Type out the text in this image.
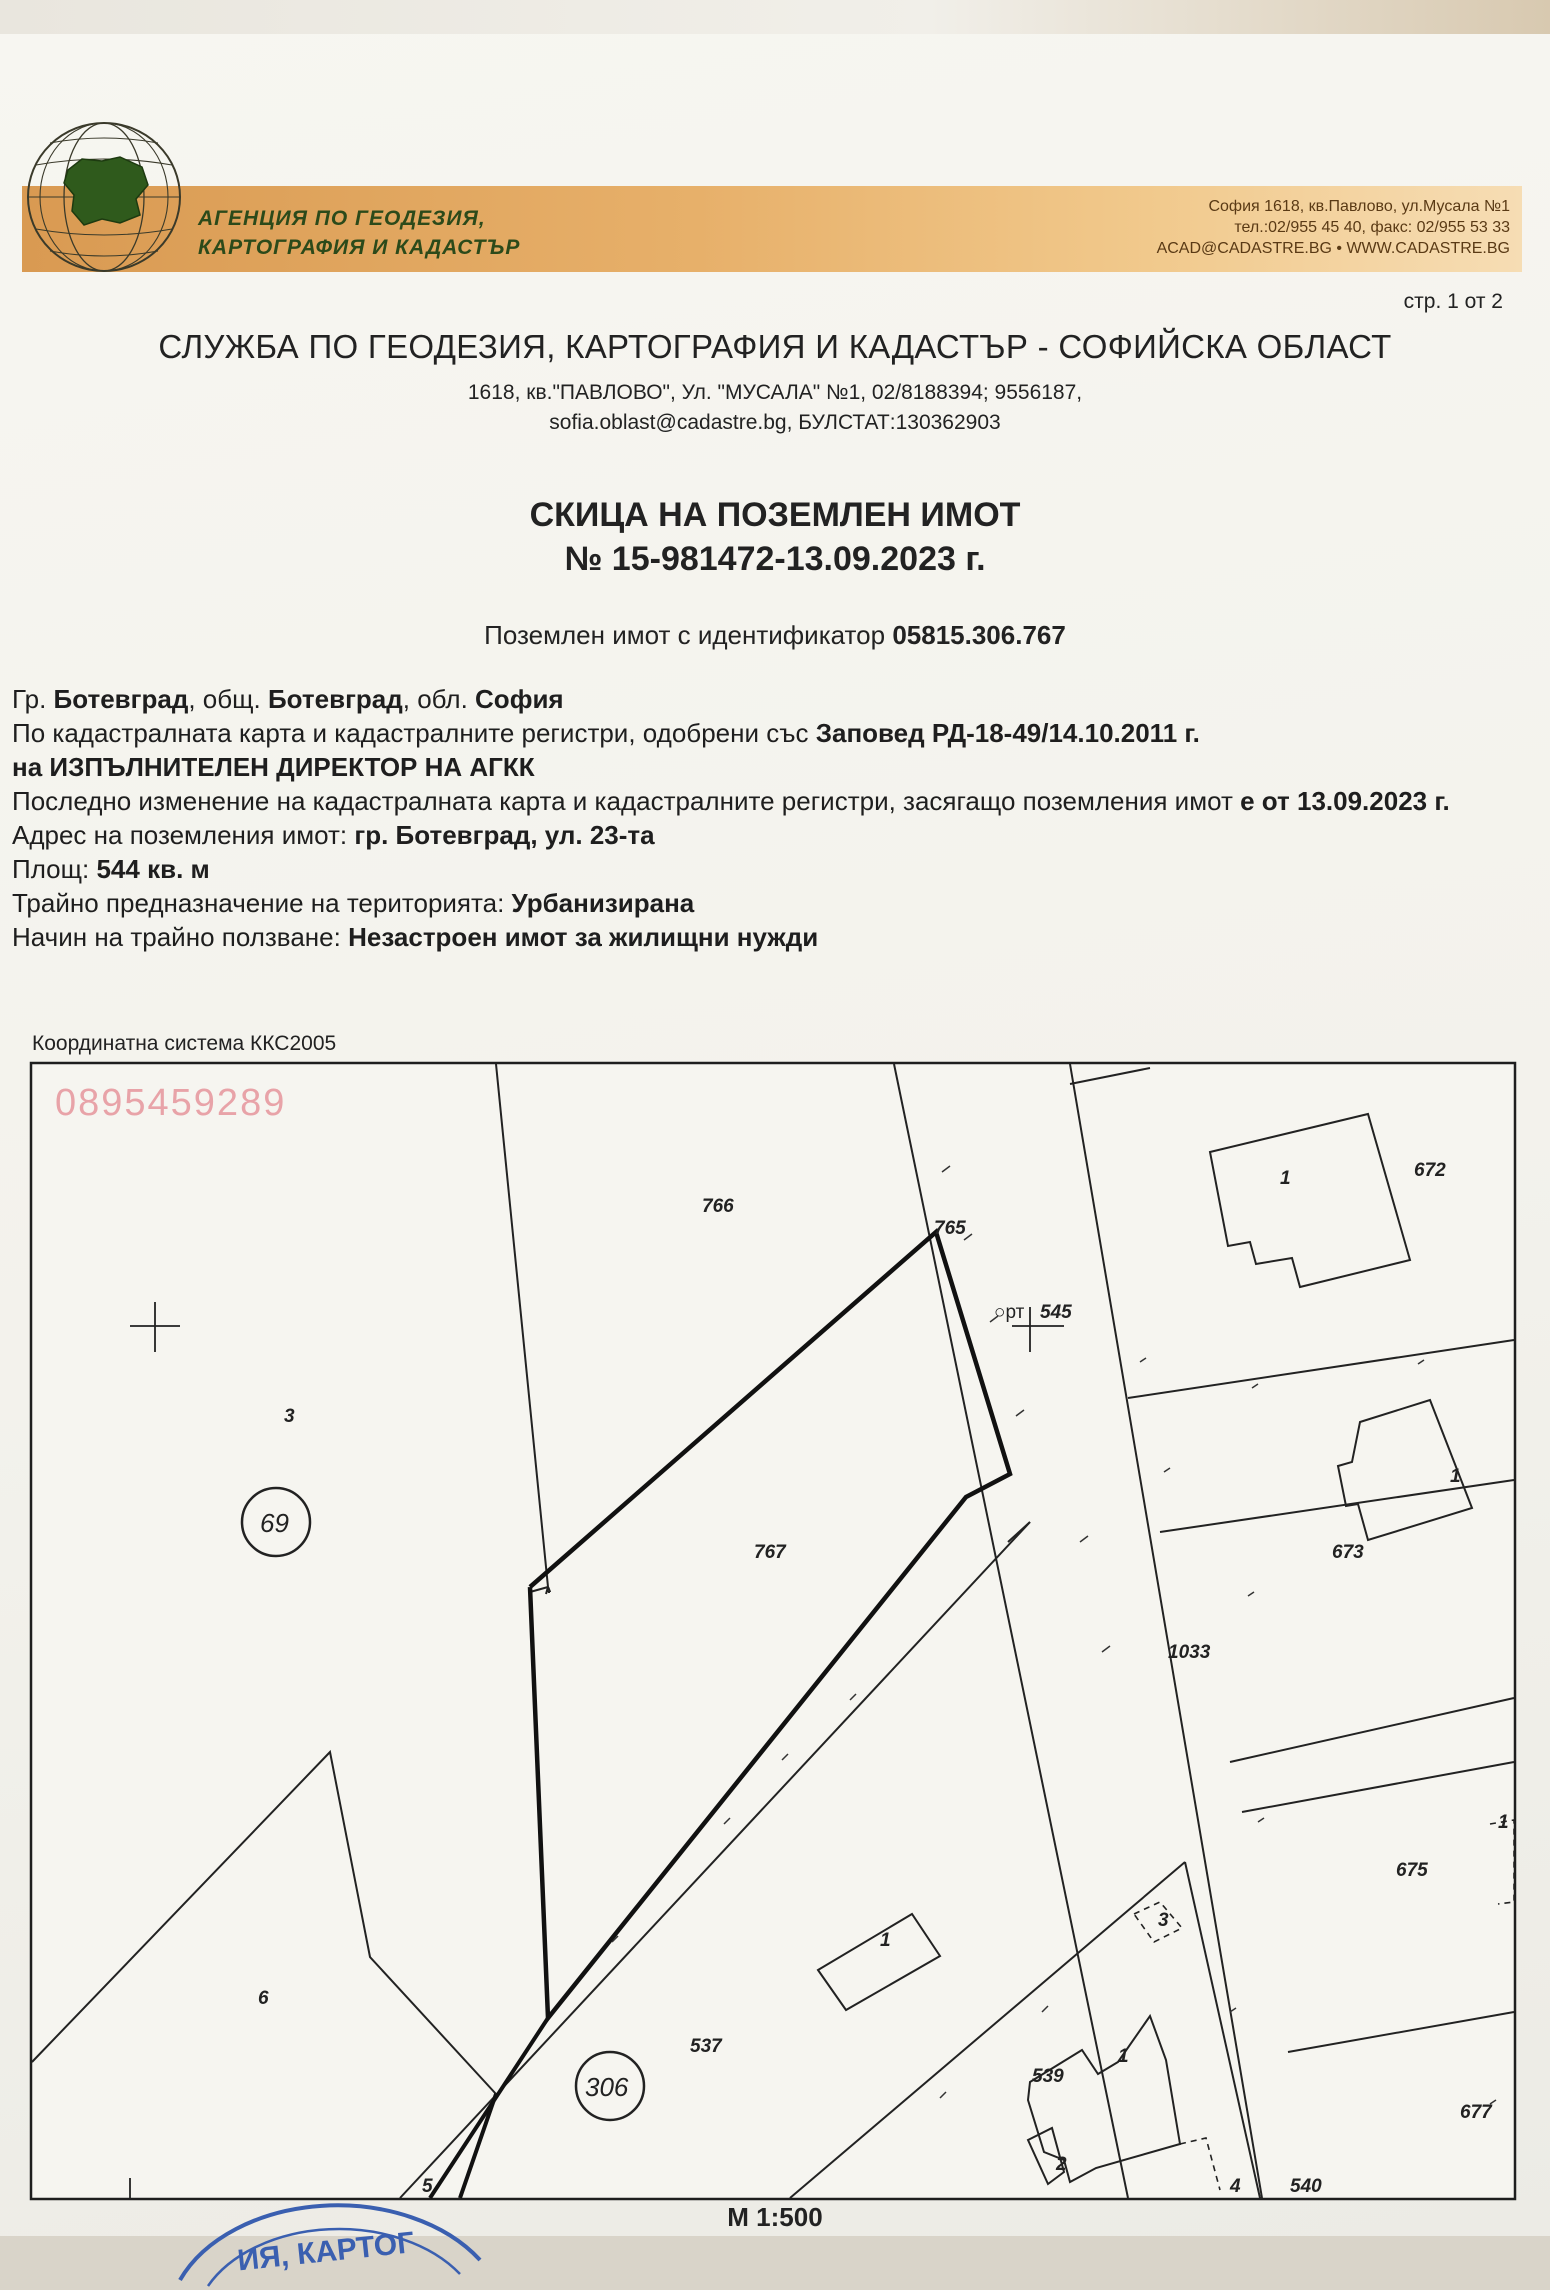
АГЕНЦИЯ ПО ГЕОДЕЗИЯ,
КАРТОГРАФИЯ И КАДАСТЪР
София 1618, кв.Павлово, ул.Мусала №1
тел.:02/955 45 40, факс: 02/955 53 33
ACAD@CADASTRE.BG • WWW.CADASTRE.BG
стр. 1 от 2
СЛУЖБА ПО ГЕОДЕЗИЯ, КАРТОГРАФИЯ И КАДАСТЪР - СОФИЙСКА ОБЛАСТ
1618, кв."ПАВЛОВО", Ул. "МУСАЛА" №1, 02/8188394; 9556187,
sofia.oblast@cadastre.bg, БУЛСТАТ:130362903
СКИЦА НА ПОЗЕМЛЕН ИМОТ
№ 15-981472-13.09.2023 г.
Поземлен имот с идентификатор 05815.306.767
Гр. Ботевград, общ. Ботевград, обл. София
По кадастралната карта и кадастралните регистри, одобрени със Заповед РД-18-49/14.10.2011 г.
на ИЗПЪЛНИТЕЛЕН ДИРЕКТОР НА АГКК
Последно изменение на кадастралната карта и кадастралните регистри, засягащо поземления имот е от 13.09.2023 г.
Адрес на поземления имот: гр. Ботевград, ул. 23-та
Площ: 544 кв. м
Трайно предназначение на територията: Урбанизирана
Начин на трайно ползване: Незастроен имот за жилищни нужди
Координатна система ККС2005
766
765
○рт 545
672
1
1
673
1
675
677
767
1033
3
6
537
1
1
539
2
3
4	540
5
69
306
0895459289
М 1:500
ИЯ, КАРТОГ
